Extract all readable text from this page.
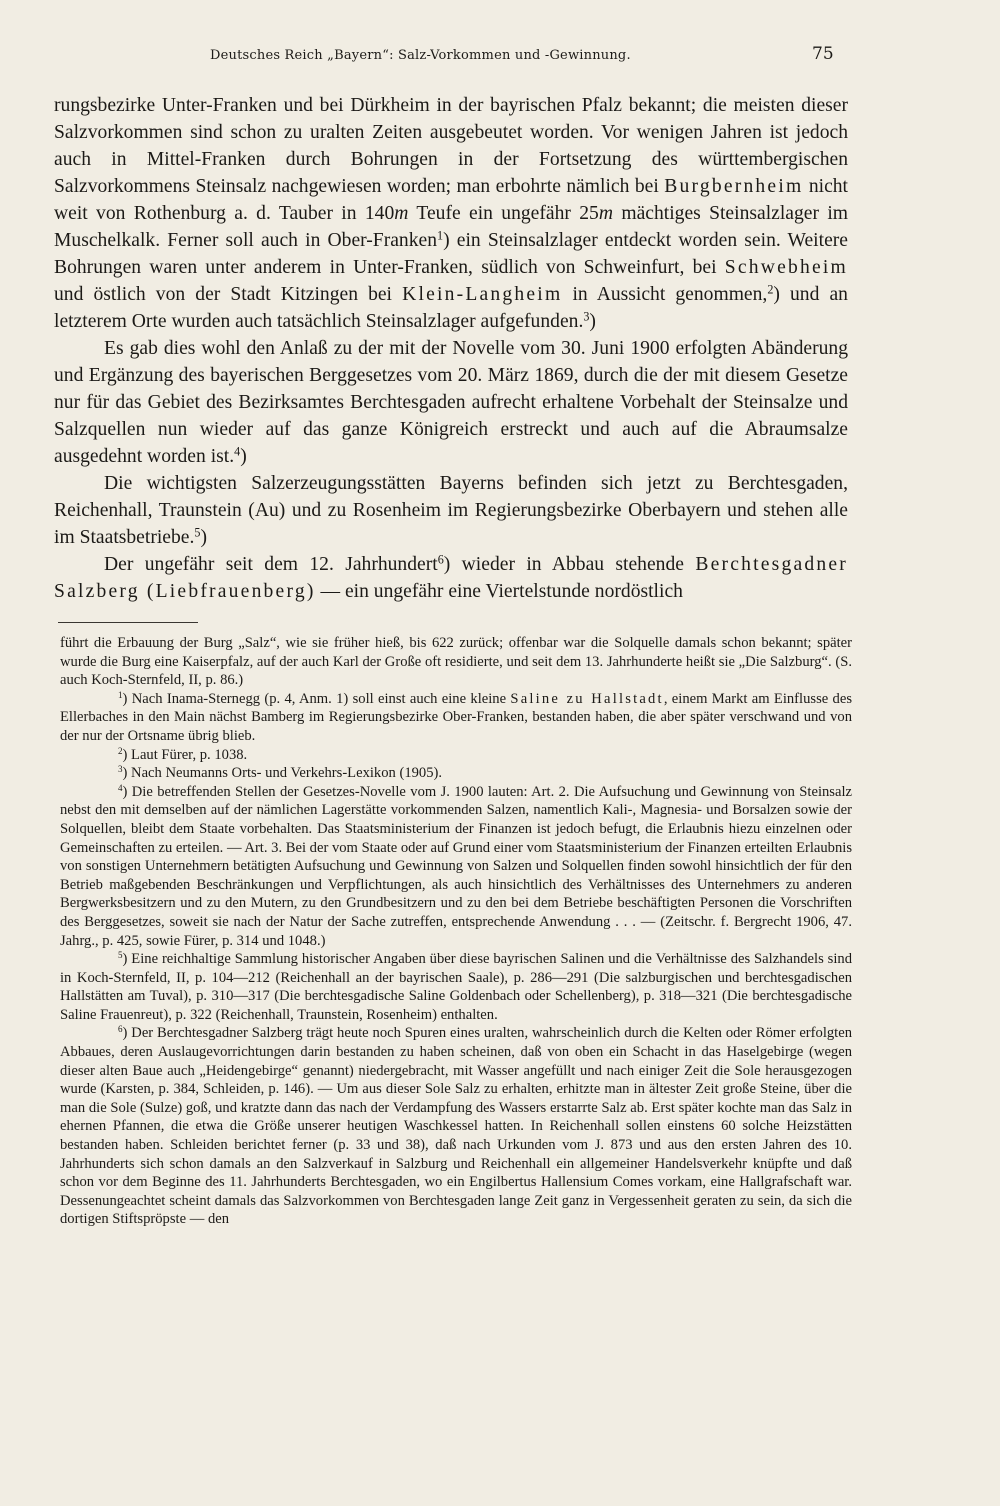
Deutsches Reich „Bayern“: Salz-Vorkommen und -Gewinnung.	75

rungsbezirke Unter-Franken und bei Dürkheim in der bayrischen Pfalz bekannt; die meisten dieser Salzvorkommen sind schon zu uralten Zeiten ausgebeutet worden. Vor wenigen Jahren ist jedoch auch in Mittel-Franken durch Bohrungen in der Fortsetzung des württembergischen Salzvorkommens Steinsalz nachgewiesen worden; man erbohrte nämlich bei Burgbernheim nicht weit von Rothenburg a. d. Tauber in 140m Teufe ein ungefähr 25m mächtiges Steinsalzlager im Muschelkalk. Ferner soll auch in Ober-Franken$^1$) ein Steinsalzlager entdeckt worden sein. Weitere Bohrungen waren unter anderem in Unter-Franken, südlich von Schweinfurt, bei Schwebheim und östlich von der Stadt Kitzingen bei Klein-Langheim in Aussicht genommen,$^2$) und an letzterem Orte wurden auch tatsächlich Steinsalzlager aufgefunden.$^3$)

Es gab dies wohl den Anlaß zu der mit der Novelle vom 30. Juni 1900 erfolgten Abänderung und Ergänzung des bayerischen Berggesetzes vom 20. März 1869, durch die der mit diesem Gesetze nur für das Gebiet des Bezirksamtes Berchtesgaden aufrecht erhaltene Vorbehalt der Steinsalze und Salzquellen nun wieder auf das ganze Königreich erstreckt und auch auf die Abraumsalze ausgedehnt worden ist.$^4$)

Die wichtigsten Salzerzeugungsstätten Bayerns befinden sich jetzt zu Berchtesgaden, Reichenhall, Traunstein (Au) und zu Rosenheim im Regierungsbezirke Oberbayern und stehen alle im Staatsbetriebe.$^5$)

Der ungefähr seit dem 12. Jahrhundert$^6$) wieder in Abbau stehende Berchtesgadner Salzberg (Liebfrauenberg) — ein ungefähr eine Viertelstunde nordöstlich

führt die Erbauung der Burg „Salz“, wie sie früher hieß, bis 622 zurück; offenbar war die Solquelle damals schon bekannt; später wurde die Burg eine Kaiserpfalz, auf der auch Karl der Große oft residierte, und seit dem 13. Jahrhunderte heißt sie „Die Salzburg“. (S. auch Koch-Sternfeld, II, p. 86.)

$^1$) Nach Inama-Sternegg (p. 4, Anm. 1) soll einst auch eine kleine Saline zu Hallstadt, einem Markt am Einflusse des Ellerbaches in den Main nächst Bamberg im Regierungsbezirke Ober-Franken, bestanden haben, die aber später verschwand und von der nur der Ortsname übrig blieb.

$^2$) Laut Fürer, p. 1038.

$^3$) Nach Neumanns Orts- und Verkehrs-Lexikon (1905).

$^4$) Die betreffenden Stellen der Gesetzes-Novelle vom J. 1900 lauten: Art. 2. Die Aufsuchung und Gewinnung von Steinsalz nebst den mit demselben auf der nämlichen Lagerstätte vorkommenden Salzen, namentlich Kali-, Magnesia- und Borsalzen sowie der Solquellen, bleibt dem Staate vorbehalten. Das Staatsministerium der Finanzen ist jedoch befugt, die Erlaubnis hiezu einzelnen oder Gemeinschaften zu erteilen. — Art. 3. Bei der vom Staate oder auf Grund einer vom Staatsministerium der Finanzen erteilten Erlaubnis von sonstigen Unternehmern betätigten Aufsuchung und Gewinnung von Salzen und Solquellen finden sowohl hinsichtlich der für den Betrieb maßgebenden Beschränkungen und Verpflichtungen, als auch hinsichtlich des Verhältnisses des Unternehmers zu anderen Bergwerksbesitzern und zu den Mutern, zu den Grundbesitzern und zu den bei dem Betriebe beschäftigten Personen die Vorschriften des Berggesetzes, soweit sie nach der Natur der Sache zutreffen, entsprechende Anwendung . . . — (Zeitschr. f. Bergrecht 1906, 47. Jahrg., p. 425, sowie Fürer, p. 314 und 1048.)

$^5$) Eine reichhaltige Sammlung historischer Angaben über diese bayrischen Salinen und die Verhältnisse des Salzhandels sind in Koch-Sternfeld, II, p. 104—212 (Reichenhall an der bayrischen Saale), p. 286—291 (Die salzburgischen und berchtesgadischen Hallstätten am Tuval), p. 310—317 (Die berchtesgadische Saline Goldenbach oder Schellenberg), p. 318—321 (Die berchtesgadische Saline Frauenreut), p. 322 (Reichenhall, Traunstein, Rosenheim) enthalten.

$^6$) Der Berchtesgadner Salzberg trägt heute noch Spuren eines uralten, wahrscheinlich durch die Kelten oder Römer erfolgten Abbaues, deren Auslaugevorrichtungen darin bestanden zu haben scheinen, daß von oben ein Schacht in das Haselgebirge (wegen dieser alten Baue auch „Heidengebirge“ genannt) niedergebracht, mit Wasser angefüllt und nach einiger Zeit die Sole herausgezogen wurde (Karsten, p. 384, Schleiden, p. 146). — Um aus dieser Sole Salz zu erhalten, erhitzte man in ältester Zeit große Steine, über die man die Sole (Sulze) goß, und kratzte dann das nach der Verdampfung des Wassers erstarrte Salz ab. Erst später kochte man das Salz in ehernen Pfannen, die etwa die Größe unserer heutigen Waschkessel hatten. In Reichenhall sollen einstens 60 solche Heizstätten bestanden haben. Schleiden berichtet ferner (p. 33 und 38), daß nach Urkunden vom J. 873 und aus den ersten Jahren des 10. Jahrhunderts sich schon damals an den Salzverkauf in Salzburg und Reichenhall ein allgemeiner Handelsverkehr knüpfte und daß schon vor dem Beginne des 11. Jahrhunderts Berchtesgaden, wo ein Engilbertus Hallensium Comes vorkam, eine Hallgrafschaft war. Dessenungeachtet scheint damals das Salzvorkommen von Berchtesgaden lange Zeit ganz in Vergessenheit geraten zu sein, da sich die dortigen Stiftspröpste — den
